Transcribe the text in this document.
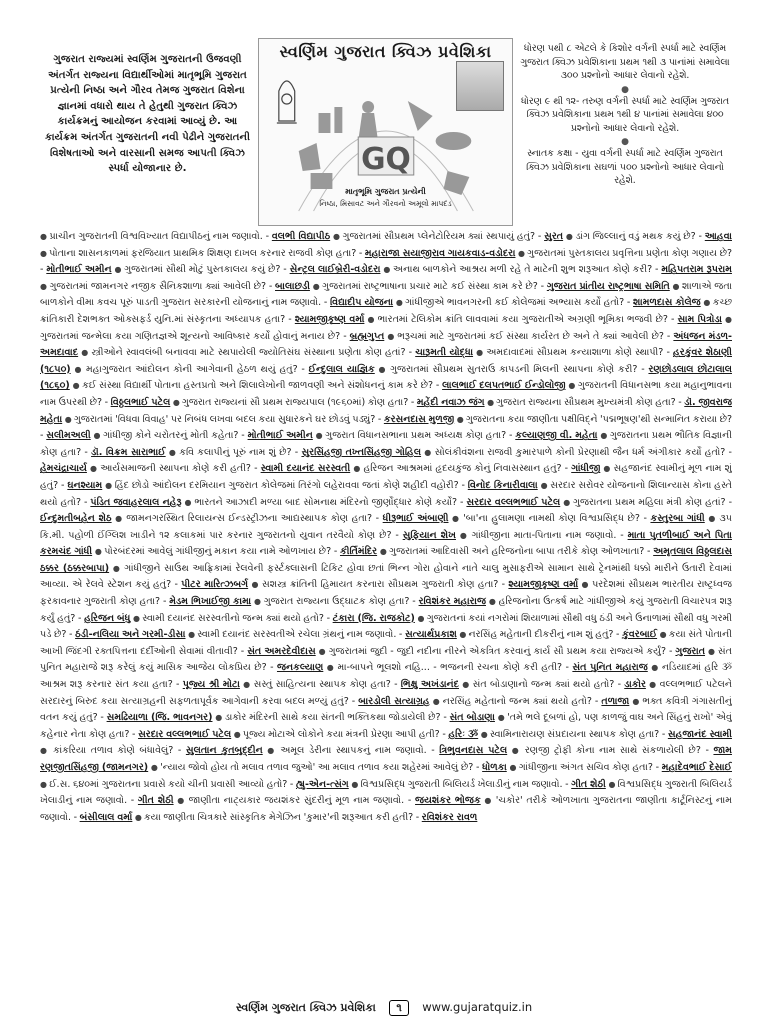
ગુજરાત રાજ્યમાં સ્વર્ણિમ ગુજરાતની ઉજવણી અંતર્ગત રાજ્યના વિદ્યાર્થીઓમાં માતૃભૂમિ ગુજરાત પ્રત્યેની નિષ્ઠા અને ગૌરવ તેમજ ગુજરાત વિશેના જ્ઞાનમાં વધારો થાય તે હેતુથી ગુજરાત ક્વિઝ કાર્યક્રમનું આયોજન કરવામાં આવ્યું છે. આ કાર્યક્રમ અંતર્ગત ગુજરાતની નવી પેઢીને ગુજરાતની વિશેષતાઓ અને વારસાની સમજ આપતી ક્વિઝ સ્પર્ધા યોજાનાર છે.
સ્વર્ણિમ ગુજરાત ક્વિઝ પ્રવેશિકા
GQ
માતૃભૂમિ ગુજરાત પ્રત્યેની
નિષ્ઠા, મિસાવટ અને ગૌરવનો અમૂલો માપદંડ
ધોરણ પથી ૮ એટલે કે કિશોર વર્ગની સ્પર્ધા માટે સ્વર્ણિમ ગુજરાત ક્વિઝ પ્રવેશિકાના પ્રથમ ૧થી ૩ પાનાંમાં સમાવેલા ૩૦૦ પ્રશ્નોનો આધાર લેવાનો રહેશે.
●
ધોરણ ૯ થી ૧૨- તરુણ વર્ગની સ્પર્ધા માટે સ્વર્ણિમ ગુજરાત ક્વિઝ પ્રવેશિકાના પ્રથમ ૧થી ૪ પાનાંમાં સમાવેલા ૪૦૦ પ્રશ્નોનો આધાર લેવાનો રહેશે.
●
સ્નાતક કક્ષા - યુવા વર્ગની સ્પર્ધા માટે સ્વર્ણિમ ગુજરાત ક્વિઝ પ્રવેશિકાના સઘળાં ૫૦૦ પ્રશ્નોનો આધાર લેવાનો રહેશે.
● પ્રાચીન ગુજરાતની વિશ્વવિખ્યાત વિદ્યાપીઠનું નામ જણાવો. - વલભી વિદ્યાપીઠ ● ગુજરાતમાં સૌપ્રથમ પ્લેનેટોરિયમ ક્યાં સ્થપાયું હતું? - સુરત ● ડાંગ જિલ્લાનું વડું મથક કયું છે? - આહવા ● પોતાના શાસનકાળમાં ફરજિયાત પ્રાથમિક શિક્ષણ દાખલ કરનાર રાજવી કોણ હતા? - મહારાજા સયાજીરાવ ગાયકવાડ-વડોદરા ● ગુજરાતમાં પુસ્તકાલય પ્રવૃત્તિના પ્રણેતા કોણ ગણાય છે? - મોતીભાઈ અમીન ● ગુજરાતમાં સૌથી મોટું પુસ્તકાલય કયું છે? - સેન્ટ્રલ લાઈબ્રેરી-વડોદરા ● અનાથ બાળકોને આશ્રય મળી રહે તે માટેની શુભ શરૂઆત કોણે કરી? - મહિપતરામ રૂપરામ ● ગુજરાતમાં જામનગર નજીક સૈનિકશાળા ક્યાં આવેલી છે? - બાલાછડી ● ગુજરાતમાં રાષ્ટ્રભાષાના પ્રચાર માટે કઈ સંસ્થા કામ કરે છે? - ગુજરાત પ્રાંતીય રાષ્ટ્રભાષા સમિતિ ● શાળાએ જતા બાળકોને વીમા કવચ પૂરું પાડતી ગુજરાત સરકારની યોજનાનું નામ જણાવો. - વિદ્યાદીપ યોજના ● ગાંધીજીએ ભાવનગરની કઈ કોલેજમાં અભ્યાસ કર્યો હતો? - શામળદાસ કોલેજ ● કચ્છ ક્રાંતિકારી દેશભક્ત ઓક્સફર્ડ યુનિ.માં સંસ્કૃતના અધ્યાપક હતા? - શ્યામજીકૃષ્ણ વર્મા ● ભારતમાં ટેલિકોમ ક્રાંતિ લાવવામાં કયા ગુજરાતીએ અગ્રણી ભૂમિકા ભજવી છે? - સામ પિત્રોડા ● ગુજરાતમાં જન્મેલા કયા ગણિતજ્ઞએ શૂન્યનો આવિષ્કાર કર્યો હોવાનું મનાય છે? - બ્રહ્મગુપ્ત ● ભરૂચમાં માટે ગુજરાતમાં કઈ સંસ્થા કાર્યરત છે અને તે ક્યાં આવેલી છે? - અંધજન મંડળ-અમદાવાદ ● સ્ત્રીઓને સ્વાવલંબી બનાવવા માટે સ્થપાયેલી જ્યોતિસંઘ સંસ્થાના પ્રણેતા કોણ હતાં? - ચારૂમતી યોદ્ધા ● અમદાવાદમાં સૌપ્રથમ કન્યાશાળા કોણે સ્થાપી? - હરકુંવર શેઠાણી (૧૮૫૦) ● મહાગુજરાત આંદોલન કોની આગેવાની હેઠળ થયું હતું? - ઈન્દુલાલ યાજ્ઞિક ● ગુજરાતમાં સૌપ્રથમ સુતરાઉ કાપડની મિલની સ્થાપના કોણે કરી? - રણછોડલાલ છોટાલાલ (૧૮૬૦) ● કઈ સંસ્થા વિદ્યાર્થી પોતાના હસ્તપ્રતો અને શિલાલેખોની જાળવણી અને સંશોધનનું કામ કરે છે? - લાલભાઈ દલપતભાઈ ઈન્ડોલોજી ● ગુજરાતની વિધાનસભા કયા મહાનુભાવના નામ ઉપરથી છે? - વિઠ્ઠલભાઈ પટેલ ● ગુજરાત રાજ્યનાં સૌ પ્રથમ રાજ્યપાલ (૧૯૬૦માં) કોણ હતા? - મહેંદી નવાઝ જંગ ● ગુજરાત રાજ્યના સૌપ્રથમ મુખ્યમંત્રી કોણ હતા? - ડૉ. જીવરાજ મહેતા ● ગુજરાતમાં 'વિધવા વિવાહ' પર નિબંધ લખવા બદલ કયા સુધારકને ઘર છોડવું પડ્યું? - કરસનદાસ મુળજી ● ગુજરાતના કયા જાણીતા પક્ષીવિદ્ને 'પદ્મભૂષણ'થી સન્માનિત કરાયા છે? - સલીમઅલી ● ગાંધીજી કોને ચરોતરનું મોતી કહેતા? - મોતીભાઈ અમીન ● ગુજરાત વિધાનસભાના પ્રથમ અધ્યક્ષ કોણ હતા? - કલ્યાણજી વી. મહેતા ● ગુજરાતના પ્રથમ ભૌતિક વિજ્ઞાની કોણ હતા? - ડૉ. વિક્રમ સારાભાઈ ● કવિ કલાપીનું પૂરું નામ શું છે? - સુરસિંહજી તખ્તસિંહજી ગોહિલ ● સોલંકીવંશના રાજવી કુમારપાળે કોની પ્રેરણાથી જૈન ધર્મ અંગીકાર કર્યો હતો? - હેમચંદ્રાચાર્ય ● આર્યસમાજની સ્થાપના કોણે કરી હતી? - સ્વામી દયાનંદ સરસ્વતી ● હરિજન આશ્રમમાં હૃદયકુંજ કોનું નિવાસસ્થાન હતું? - ગાંધીજી ● સહજાનંદ સ્વામીનું મૂળ નામ શું હતું? - ઘનશ્યામ ● હિંદ છોડો આંદોલન દરમિયાન ગુજરાત કોલેજમાં તિરંગો લહેરાવવા જતાં કોણે શહીદી વહોરી? - વિનોદ કિનારીવાલા ● સરદાર સરોવર યોજનાનો શિલાન્યાસ કોના હસ્તે થયો હતો? - પંડિત જવાહરલાલ નહેરૂ ● ભારતને આઝાદી મળ્યા બાદ સોમનાથ મંદિરનો જીર્ણોદ્ધાર કોણે કર્યો? - સરદાર વલ્લભભાઈ પટેલ ● ગુજરાતના પ્રથમ મહિલા મંત્રી કોણ હતાં? - ઈન્દુમતીબહેન શેઠ ● જામનગરસ્થિત રિલાયન્સ ઈન્ડસ્ટ્રીઝના આદ્યસ્થાપક કોણ હતા? - ધીરૂભાઈ અંબાણી ● 'બા'ના હુલામણા નામથી કોણ વિશ્વપ્રસિદ્ધ છે? - કસ્તુરબા ગાંધી ● ૩૫ કિ.મી. પહોળી ઈંગ્લિશ ખાડીને ૧૨ કલાકમાં પાર કરનાર ગુજરાતનો યુવાન તરવૈયો કોણ છે? - સુફિયાન શેખ ● ગાંધીજીના માતા-પિતાના નામ જણાવો. - માતા પુતળીબાઈ અને પિતા કરમચંદ ગાંધી ● પોરબંદરમાં આવેલું ગાંધીજીનું મકાન કયા નામે ઓળખાય છે? - કીર્તિમંદિર ● ગુજરાતમાં આદિવાસી અને હરિજનોના બાપા તરીકે કોણ ઓળખાતા? - અમૃતલાલ વિઠ્ઠલદાસ ઠક્કર (ઠક્કરબાપા) ● ગાંધીજીને સાઉથ આફ્રિકામાં રેલવેની ફર્સ્ટક્લાસની ટિકિટ હોવા છતાં ભિન્ન ગોરા હોવાને નાતે ચાલુ મુસાફરીએ સામાન સાથે ટ્રેનમાંથી ધક્કો મારીને ઉતારી દેવામાં આવ્યા. એ રેલવે સ્ટેશન કયું હતું? - પીટર મારિત્ઝબર્ગ ● સશસ્ત્ર ક્રાંતિની હિમાયત કરનારા સૌપ્રથમ ગુજરાતી કોણ હતા? - શ્યામજીકૃષ્ણ વર્મા ● પરદેશમાં સૌપ્રથમ ભારતીય રાષ્ટ્રધ્વજ ફરકાવનાર ગુજરાતી કોણ હતા? - મેડમ ભિખાઈજી કામા ● ગુજરાત રાજ્યના ઉદ્ઘાટક કોણ હતા? - રવિશંકર મહારાજ ● હરિજનોના ઉત્કર્ષ માટે ગાંધીજીએ કયું ગુજરાતી વિચારપત્ર શરૂ કર્યું હતું? - હરિજન બંધુ ● સ્વામી દયાનંદ સરસ્વતીનો જન્મ ક્યાં થયો હતો? - ટંકારા (જિ. રાજકોટ) ● ગુજરાતનાં કયાં નગરોમાં શિયાળામાં સૌથી વધુ ઠંડી અને ઉનાળામાં સૌથી વધુ ગરમી પડે છે? - ઠંડી-નલિયા અને ગરમી-ડીસા ● સ્વામી દયાનંદ સરસ્વતીએ રચેલા ગ્રંથનું નામ જણાવો. - સત્યાર્થપ્રકાશ ● નરસિંહ મહેતાની દીકરીનું નામ શું હતું? - કુંવરબાઈ ● કયા સંતે પોતાની આખી જિંદગી રક્તપિત્તના દર્દીઓની સેવામાં વીતાવી? - સંત અમરદેવીદાસ ● ગુજરાતમાં જુદી - જુદી નદીના નીરને એકત્રિત કરવાનું કાર્ય સૌ પ્રથમ કયા રાજ્યએ કર્યું? - ગુજરાત ● સંત પુનિત મહારાજે શરૂ કરેલું કયું માસિક આજેય લોકપ્રિય છે? - જનકલ્યાણ ● મા-બાપને ભૂલશો નહિ... - ભજનની રચના કોણે કરી હતી? - સંત પુનિત મહારાજ ● નડિયાદમાં હરિ ૐ આશ્રમ શરૂ કરનાર સંત કયા હતા? - પૂજ્ય શ્રી મોટા ● સસ્તું સાહિત્યના સ્થાપક કોણ હતા? - ભિક્ષુ અખંડાનંદ ● સંત બોડાણાનો જન્મ ક્યાં થયો હતો? - ડાકોર ● વલ્લભભાઈ પટેલને સરદારનું બિરુદ કયા સત્યાગ્રહની સફળતાપૂર્વક આગેવાની કરવા બદલ મળ્યું હતું? - બારડોલી સત્યાગ્રહ ● નરસિંહ મહેતાનો જન્મ ક્યાં થયો હતો? - તળાજા ● ભક્ત કવિત્રી ગંગાસતીનું વતન કયું હતું? - સમઢિયાળા (જિ. ભાવનગર) ● ડાકોર મંદિરની સાથે કયા સંતની ભક્તિકથા જોડાયેલી છે? - સંત બોડાણા ● 'તમે ભલે દૂબળાં હો, પણ કાળજું વાઘ અને સિંહનું રાખો' એવું કહેનાર નેતા કોણ હતા? - સરદાર વલ્લભભાઈ પટેલ ● પૂજ્ય મોટાએ લોકોને કયા મંત્રની પ્રેરણા આપી હતી? - હરિઃ ૐ ● સ્વામિનારાયણ સંપ્રદાયના સ્થાપક કોણ હતા? - સહજાનંદ સ્વામી ● કાંકરિયા તળાવ કોણે બંધાવેલું? - સુલતાન કુતબુદ્દીન ● અમૂલ ડેરીના સ્થાપકનું નામ જણાવો. - ત્રિભુવનદાસ પટેલ ● રણજી ટ્રોફી કોના નામ સાથે સંકળાયેલી છે? - જામ રણજીતસિંહજી (જામનગર) ● 'ન્યાય જોવો હોય તો મલાવ તળાવ જુઓ' આ મલાવ તળાવ કયા શહેરમાં આવેલું છે? - ધોળકા ● ગાંધીજીના અંગત સચિવ કોણ હતા? - મહાદેવભાઈ દેસાઈ ● ઈ.સ. ૬૪૦માં ગુજરાતના પ્રવાસે કયો ચીની પ્રવાસી આવ્યો હતો? - હ્યુ-એન-ત્સંગ ● વિશ્વપ્રસિદ્ધ ગુજરાતી બિલિયર્ડ ખેલાડીનું નામ જણાવો. - ગીત શેઠી ● વિશ્વપ્રસિદ્ધ ગુજરાતી બિલિયર્ડ ખેલાડીનું નામ જણાવો. - ગીત શેઠી ● જાણીતા નાટ્યકાર જયશંકર સુંદરીનું મૂળ નામ જણાવો. - જયશંકર ભોજક ● 'ચકોર' તરીકે ઓળખાતા ગુજરાતના જાણીતા કાર્ટૂનિસ્ટનું નામ જણાવો. - બંસીલાલ વર્મા ● કયા જાણીતા ચિત્રકારે સાંસ્કૃતિક મેગેઝિન 'કુમાર'ની શરૂઆત કરી હતી? - રવિશંકર રાવળ
સ્વર્ણિમ ગુજરાત ક્વિઝ પ્રવેશિકા ૧ www.gujaratquiz.in
